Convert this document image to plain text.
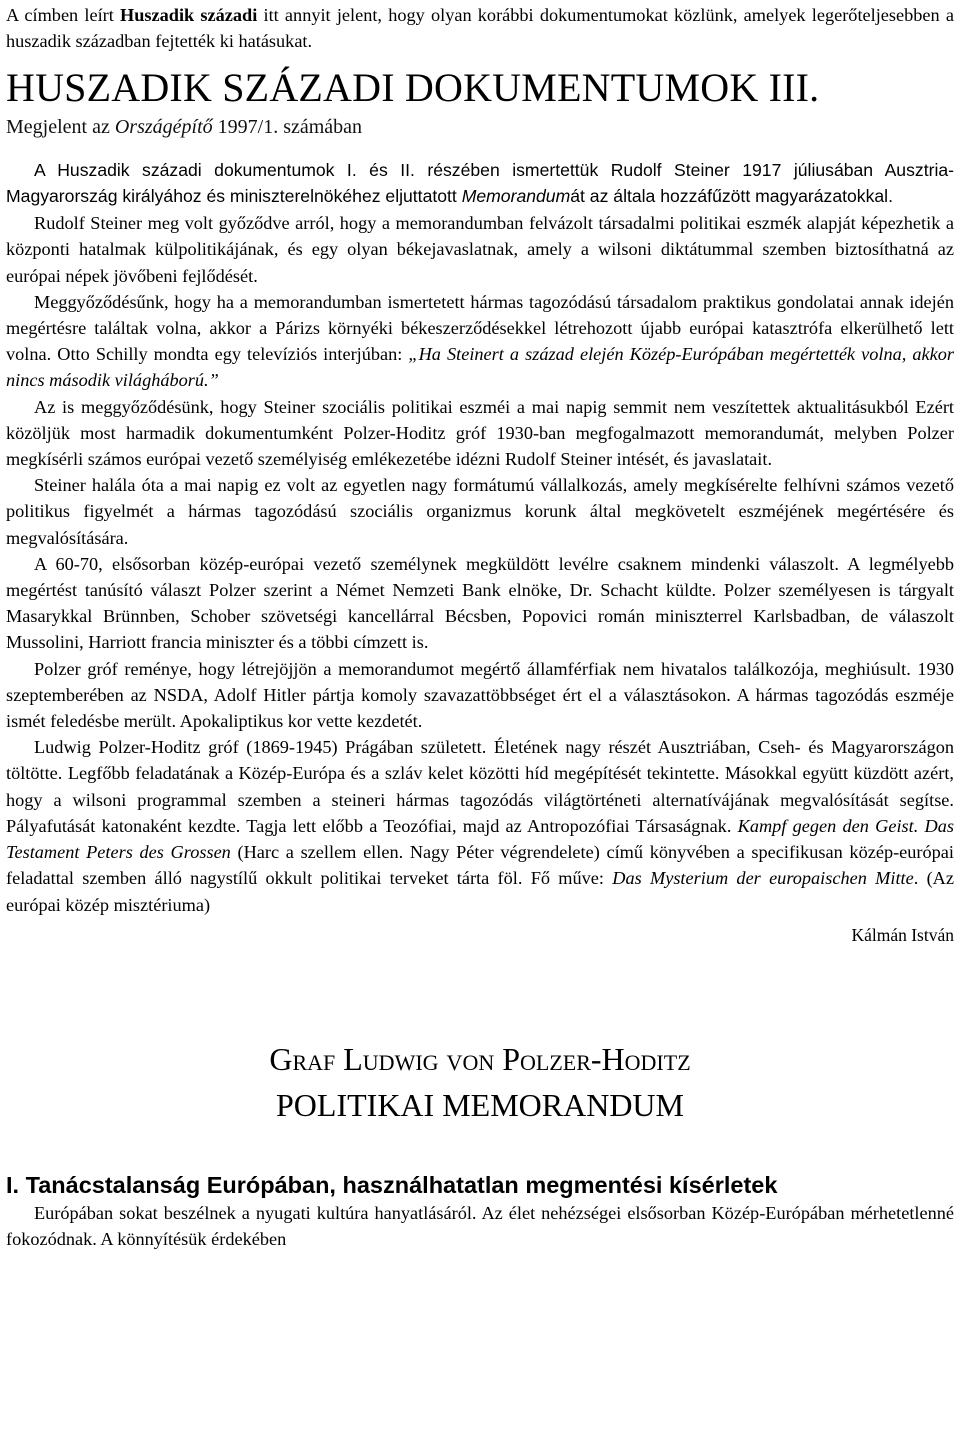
A címben leírt Huszadik századi itt annyit jelent, hogy olyan korábbi dokumentumokat közlünk, amelyek legerőteljesebben a huszadik században fejtették ki hatásukat.

HUSZADIK SZÁZADI DOKUMENTUMOK III.
Megjelent az Országépítő 1997/1. számában

A Huszadik századi dokumentumok I. és II. részében ismertettük Rudolf Steiner 1917 júliusában Ausztria-Magyarország királyához és miniszterelnökéhez eljuttatott Memorandumát az általa hozzáfűzött magyarázatokkal.

Rudolf Steiner meg volt győződve arról, hogy a memorandumban felvázolt társadalmi politikai eszmék alapját képezhetik a központi hatalmak külpolitikájának, és egy olyan békejavaslatnak, amely a wilsoni diktátummal szemben biztosíthatná az európai népek jövőbeni fejlődését.

Meggyőződésűnk, hogy ha a memorandumban ismertetett hármas tagozódású társadalom praktikus gondolatai annak idején megértésre találtak volna, akkor a Párizs környéki békeszerződésekkel létrehozott újabb európai katasztrófa elkerülhető lett volna. Otto Schilly mondta egy televíziós interjúban: „Ha Steinert a század elején Közép-Európában megértették volna, akkor nincs második világháború.”

Az is meggyőződésünk, hogy Steiner szociális politikai eszméi a mai napig semmit nem veszítettek aktualitásukból Ezért közöljük most harmadik dokumentumként Polzer-Hoditz gróf 1930-ban megfogalmazott memorandumát, melyben Polzer megkísérli számos európai vezető személyiség emlékezetébe idézni Rudolf Steiner intését, és javaslatait.

Steiner halála óta a mai napig ez volt az egyetlen nagy formátumú vállalkozás, amely megkísérelte felhívni számos vezető politikus figyelmét a hármas tagozódású szociális organizmus korunk által megkövetelt eszméjének megértésére és megvalósítására.

A 60-70, elsősorban közép-európai vezető személynek megküldött levélre csaknem mindenki válaszolt. A legmélyebb megértést tanúsító választ Polzer szerint a Német Nemzeti Bank elnöke, Dr. Schacht küldte. Polzer személyesen is tárgyalt Masarykkal Brünnben, Schober szövetségi kancellárral Bécsben, Popovici román miniszterrel Karlsbadban, de válaszolt Mussolini, Harriott francia miniszter és a többi címzett is.

Polzer gróf reménye, hogy létrejöjjön a memorandumot megértő államférfiak nem hivatalos találkozója, meghiúsult. 1930 szeptemberében az NSDA, Adolf Hitler pártja komoly szavazattöbbséget ért el a választásokon. A hármas tagozódás eszméje ismét feledésbe merült. Apokaliptikus kor vette kezdetét.

Ludwig Polzer-Hoditz gróf (1869-1945) Prágában született. Életének nagy részét Ausztriában, Cseh- és Magyarországon töltötte. Legfőbb feladatának a Közép-Európa és a szláv kelet közötti híd megépítését tekintette. Másokkal együtt küzdött azért, hogy a wilsoni programmal szemben a steineri hármas tagozódás világtörténeti alternatívájának megvalósítását segítse. Pályafutását katonaként kezdte. Tagja lett előbb a Teozófiai, majd az Antropozófiai Társaságnak. Kampf gegen den Geist. Das Testament Peters des Grossen (Harc a szellem ellen. Nagy Péter végrendelete) című könyvében a specifikusan közép-európai feladattal szemben álló nagystílű okkult politikai terveket tárta föl. Fő műve: Das Mysterium der europaischen Mitte. (Az európai közép misztériuma)

Kálmán István

Graf Ludwig von Polzer-Hoditz

POLITIKAI MEMORANDUM

I. Tanácstalanság Európában, használhatatlan megmentési kísérletek

Európában sokat beszélnek a nyugati kultúra hanyatlásáról. Az élet nehézségei elsősorban Közép-Európában mérhetetlenné fokozódnak. A könnyítésük érdekében
